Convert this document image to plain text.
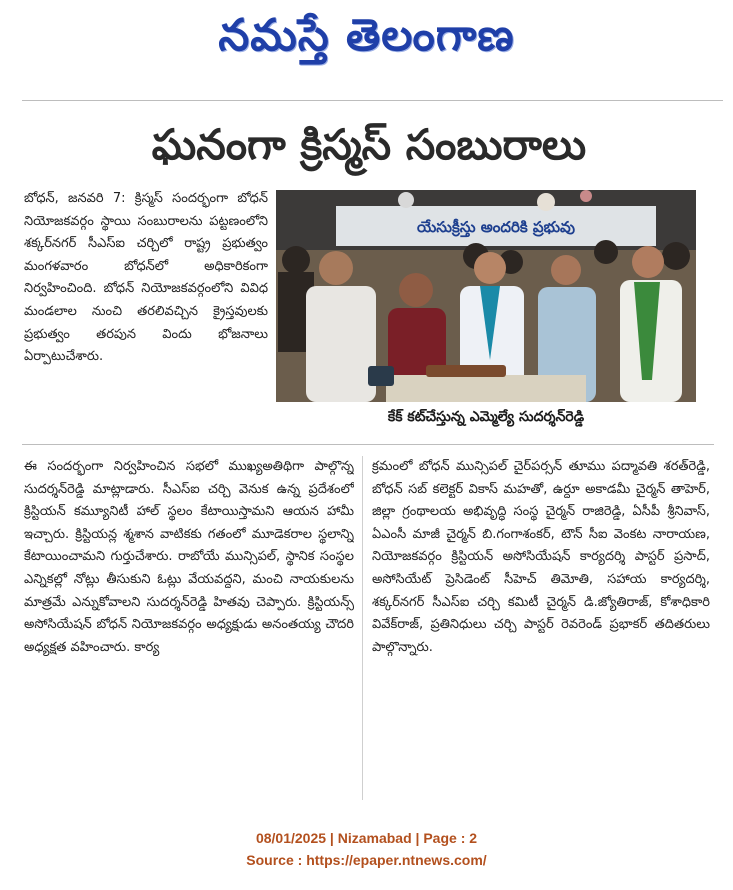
నమస్తే తెలంగాణ
ఘనంగా క్రిస్మస్ సంబురాలు

బోధన్‌, జనవరి 7: క్రిస్మస్‌ సందర్భంగా బోధన్‌ నియోజకవర్గం స్థాయి సంబురాలను పట్టణంలోని శక్కర్‌నగర్‌ సీఎస్‌ఐ చర్చిలో రాష్ట్ర ప్రభుత్వం మంగళవారం బోధన్‌లో అధికారికంగా నిర్వహించింది. బోధన్‌ నియోజకవర్గంలోని వివిధ మండలాల నుంచి తరలివచ్చిన క్రైస్తవులకు ప్రభుత్వం తరపున విందు భోజనాలు ఏర్పాటుచేశారు.

యేసుక్రీస్తు అందరికి ప్రభువు
కేక్‌ కట్‌చేస్తున్న ఎమ్మెల్యే సుదర్శన్‌రెడ్డి

ఈ సందర్భంగా నిర్వహించిన సభలో ముఖ్యఅతిథిగా పాల్గొన్న సుదర్శన్‌రెడ్డి మాట్లాడారు. సీఎస్‌ఐ చర్చి వెనుక ఉన్న ప్రదేశంలో క్రిస్టియన్‌ కమ్యూనిటీ హాల్‌ స్థలం కేటాయిస్తామని ఆయన హామీ ఇచ్చారు. క్రిస్టియన్ల శ్మశాన వాటికకు గతంలో మూడెకరాల స్థలాన్ని కేటాయించామని గుర్తుచేశారు. రాబోయే మున్సిపల్‌, స్థానిక సంస్థల ఎన్నికల్లో నోట్లు తీసుకుని ఓట్లు వేయవద్దని, మంచి నాయకులను మాత్రమే ఎన్నుకోవాలని సుదర్శన్‌రెడ్డి హితవు చెప్పారు. క్రిస్టియన్స్‌ అసోసియేషన్‌ బోధన్‌ నియోజకవర్గం అధ్యక్షుడు అనంతయ్య చౌదరి అధ్యక్షత వహించారు. కార్య

క్రమంలో బోధన్‌ మున్సిపల్‌ చైర్‌పర్సన్‌ తూము పద్మావతి శరత్‌రెడ్డి, బోధన్‌ సబ్‌ కలెక్టర్‌ వికాస్‌ మహతో, ఉర్దూ అకాడమీ చైర్మన్‌ తాహెర్‌, జిల్లా గ్రంథాలయ అభివృద్ధి సంస్థ చైర్మన్‌ రాజిరెడ్డి, ఏసీపీ శ్రీనివాస్‌, ఏఎంసీ మాజీ చైర్మన్‌ బి.గంగాశంకర్‌, టౌన్‌ సీఐ వెంకట నారాయణ, నియోజకవర్గం క్రిస్టియన్‌ అసోసియేషన్‌ కార్యదర్శి పాస్టర్‌ ప్రసాద్‌, అసోసియేట్‌ ప్రెసిడెంట్‌ సీహెచ్‌ తిమోతి, సహాయ కార్యదర్శి, శక్కర్‌నగర్‌ సీఎస్‌ఐ చర్చి కమిటీ చైర్మన్‌ డి.జ్యోతిరాజ్‌, కోశాధికారి వివేక్‌రాజ్‌, ప్రతినిధులు చర్చి పాస్టర్‌ రెవరెండ్‌ ప్రభాకర్‌ తదితరులు పాల్గొన్నారు.

08/01/2025 | Nizamabad | Page : 2
Source : https://epaper.ntnews.com/
